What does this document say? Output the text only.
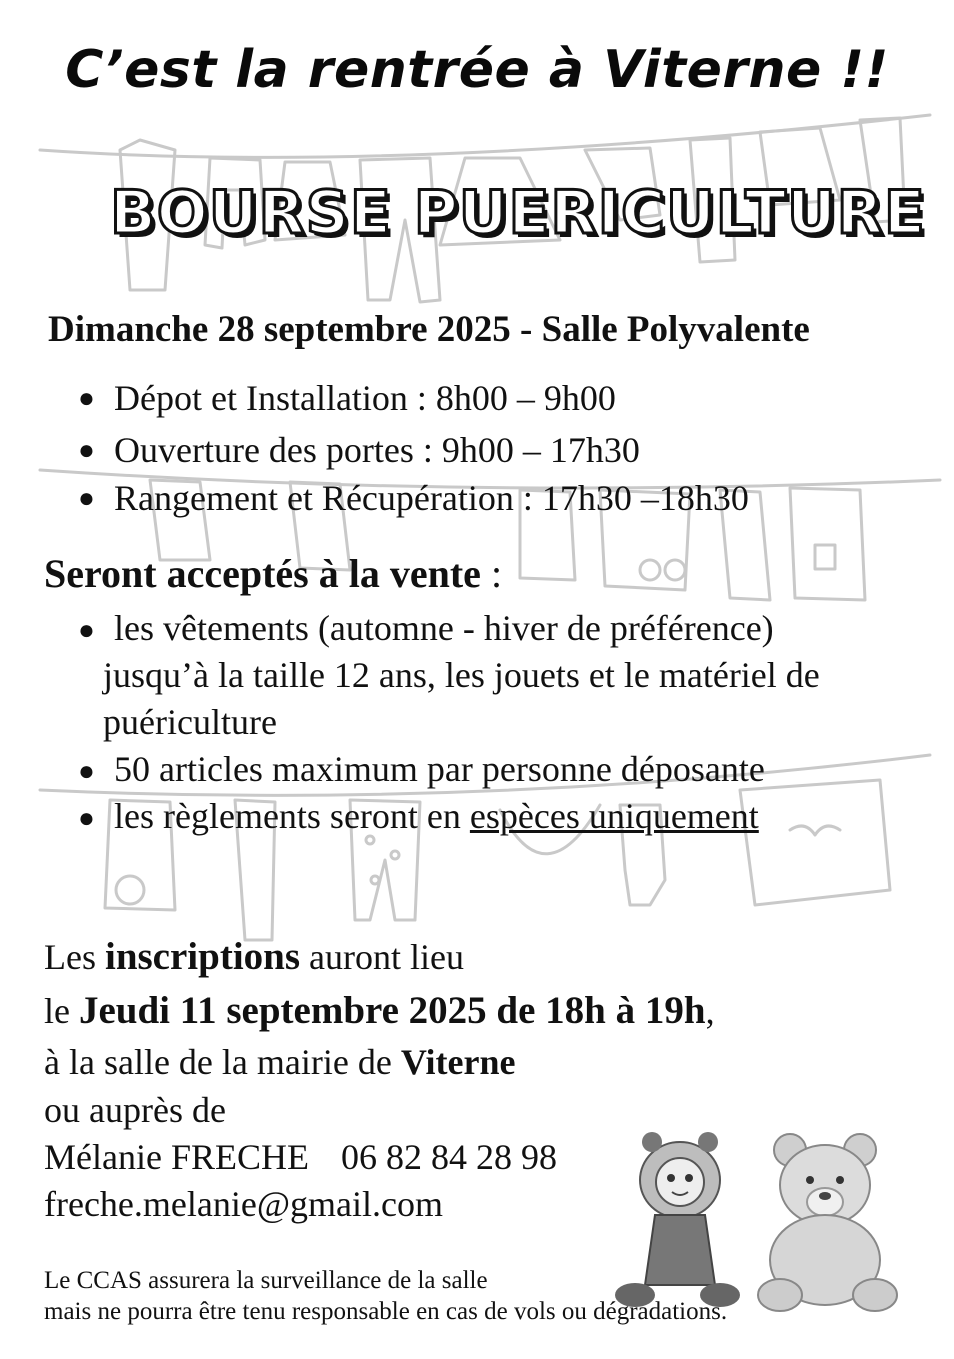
C’est la rentrée à Viterne !!
BOURSE PUERICULTURE
Dimanche 28 septembre 2025 - Salle Polyvalente
● Dépot et Installation : 8h00 – 9h00
● Ouverture des portes : 9h00 – 17h30
● Rangement et Récupération : 17h30 –18h30
Seront acceptés à la vente :
● les vêtements (automne - hiver de préférence)
jusqu’à la taille 12 ans, les jouets et le matériel de
puériculture
● 50 articles maximum par personne déposante
● les règlements seront en espèces uniquement
Les inscriptions auront lieu
le Jeudi 11 septembre 2025 de 18h à 19h,
à la salle de la mairie de Viterne
ou auprès de
Mélanie FRECHE 06 82 84 28 98
freche.melanie@gmail.com
Le CCAS assurera la surveillance de la salle
mais ne pourra être tenu responsable en cas de vols ou dégradations.
